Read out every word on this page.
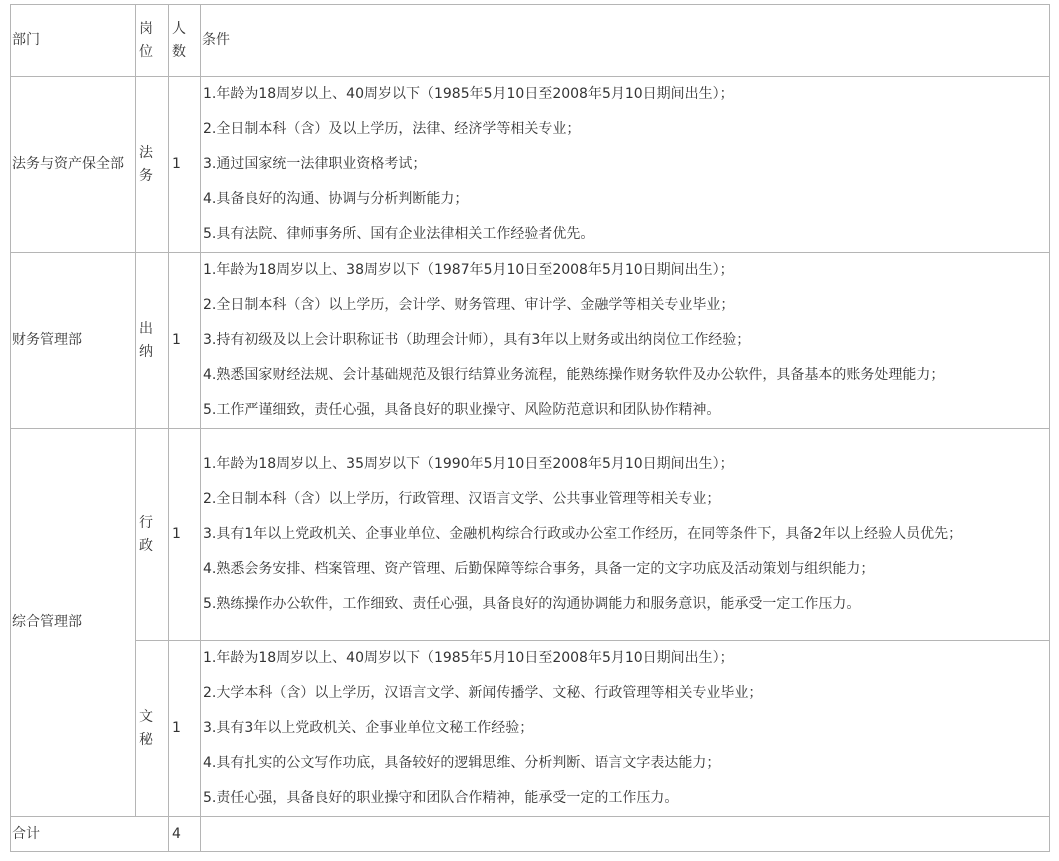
部门	岗位	人数	条件
法务与资产保全部	法务	1	1.年龄为18周岁以上、40周岁以下（1985年5月10日至2008年5月10日期间出生）；
2.全日制本科（含）及以上学历，法律、经济学等相关专业；
3.通过国家统一法律职业资格考试；
4.具备良好的沟通、协调与分析判断能力；
5.具有法院、律师事务所、国有企业法律相关工作经验者优先。

财务管理部	出纳	1	1.年龄为18周岁以上、38周岁以下（1987年5月10日至2008年5月10日期间出生）；
2.全日制本科（含）以上学历，会计学、财务管理、审计学、金融学等相关专业毕业；
3.持有初级及以上会计职称证书（助理会计师），具有3年以上财务或出纳岗位工作经验；
4.熟悉国家财经法规、会计基础规范及银行结算业务流程，能熟练操作财务软件及办公软件，具备基本的账务处理能力；
5.工作严谨细致，责任心强，具备良好的职业操守、风险防范意识和团队协作精神。

综合管理部	行政	1	1.年龄为18周岁以上、35周岁以下（1990年5月10日至2008年5月10日期间出生）；
2.全日制本科（含）以上学历，行政管理、汉语言文学、公共事业管理等相关专业；
3.具有1年以上党政机关、企事业单位、金融机构综合行政或办公室工作经历，在同等条件下，具备2年以上经验人员优先；
4.熟悉会务安排、档案管理、资产管理、后勤保障等综合事务，具备一定的文字功底及活动策划与组织能力；
5.熟练操作办公软件，工作细致、责任心强，具备良好的沟通协调能力和服务意识，能承受一定工作压力。

	文秘	1	1.年龄为18周岁以上、40周岁以下（1985年5月10日至2008年5月10日期间出生）；
2.大学本科（含）以上学历，汉语言文学、新闻传播学、文秘、行政管理等相关专业毕业；
3.具有3年以上党政机关、企事业单位文秘工作经验；
4.具有扎实的公文写作功底，具备较好的逻辑思维、分析判断、语言文字表达能力；
5.责任心强，具备良好的职业操守和团队合作精神，能承受一定的工作压力。

合计		4	
